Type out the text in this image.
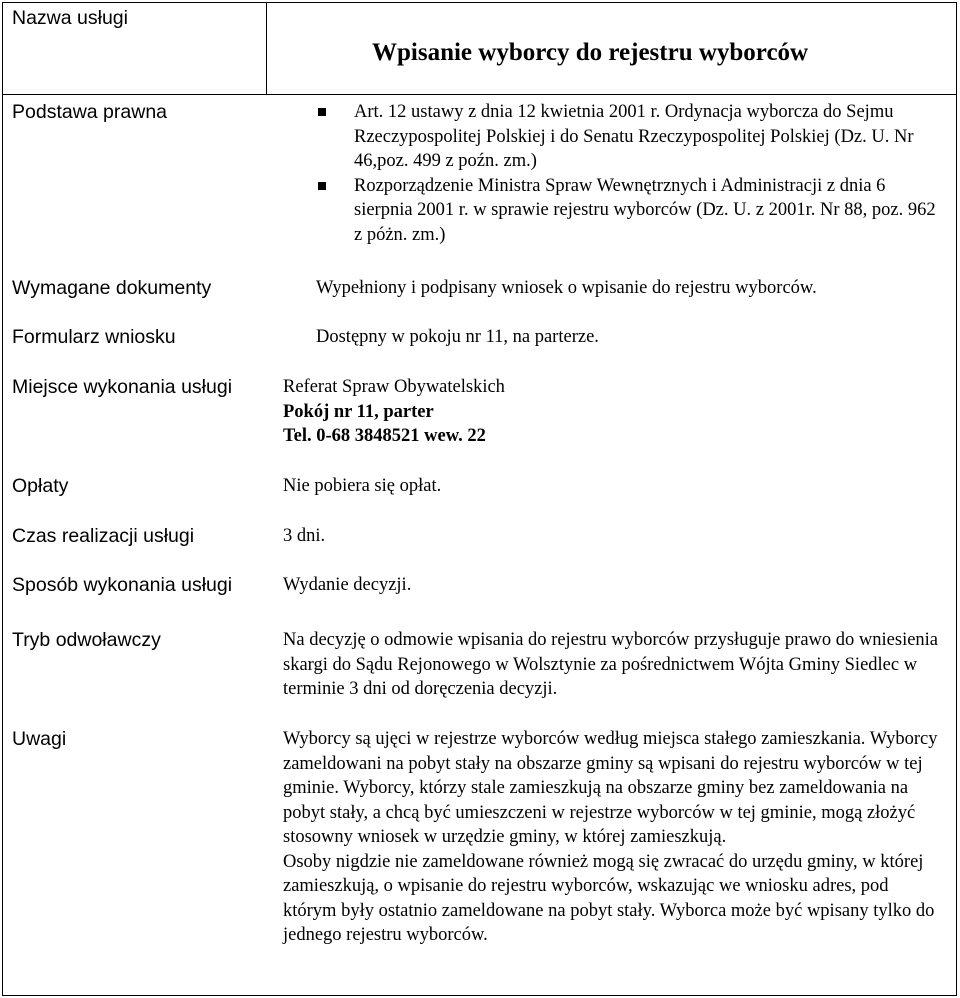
Nazwa usługi
Wpisanie wyborcy do rejestru wyborców
Podstawa prawna	Art. 12 ustawy z dnia 12 kwietnia 2001 r. Ordynacja wyborcza do Sejmu Rzeczypospolitej Polskiej i do Senatu Rzeczypospolitej Polskiej (Dz. U. Nr 46,poz. 499 z poźn. zm.)
Rozporządzenie Ministra Spraw Wewnętrznych i Administracji z dnia 6 sierpnia 2001 r. w sprawie rejestru wyborców (Dz. U. z 2001r. Nr 88, poz. 962 z póżn. zm.)
Wymagane dokumenty	Wypełniony i podpisany wniosek o wpisanie do rejestru wyborców.
Formularz wniosku	Dostępny w pokoju nr 11, na parterze.
Miejsce wykonania usługi	Referat Spraw Obywatelskich

Pokój nr 11, parter

Tel. 0-68 3848521 wew. 22

Opłaty	Nie pobiera się opłat.
Czas realizacji usługi	3 dni.
Sposób wykonania usługi	Wydanie decyzji.
Tryb odwoławczy	Na decyzję o odmowie wpisania do rejestru wyborców przysługuje prawo do wniesienia skargi do Sądu Rejonowego w Wolsztynie za pośrednictwem Wójta Gminy Siedlec w terminie 3 dni od doręczenia decyzji.
Uwagi	Wyborcy są ujęci w rejestrze wyborców według miejsca stałego zamieszkania. Wyborcy zameldowani na pobyt stały na obszarze gminy są wpisani do rejestru wyborców w tej gminie. Wyborcy, którzy stale zamieszkują na obszarze gminy bez zameldowania na pobyt stały, a chcą być umieszczeni w rejestrze wyborców w tej gminie, mogą złożyć stosowny wniosek w urzędzie gminy, w której zamieszkują.

Osoby nigdzie nie zameldowane również mogą się zwracać do urzędu gminy, w której zamieszkują, o wpisanie do rejestru wyborców, wskazując we wniosku adres, pod którym były ostatnio zameldowane na pobyt stały. Wyborca może być wpisany tylko do jednego rejestru wyborców.
